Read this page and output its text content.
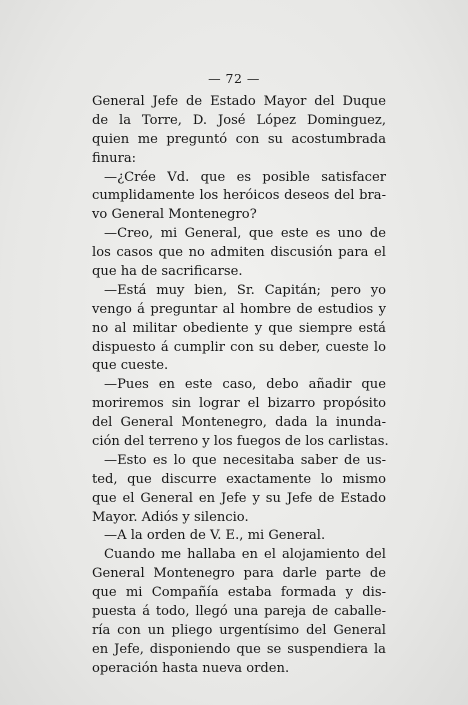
— 72 —
General Jefe de Estado Mayor del Duque
de la Torre, D. José López Dominguez,
quien me preguntó con su acostumbrada
finura:
—¿Crée Vd. que es posible satisfacer
cumplidamente los heróicos deseos del bra-
vo General Montenegro?
—Creo, mi General, que este es uno de
los casos que no admiten discusión para el
que ha de sacrificarse.
—Está muy bien, Sr. Capitán; pero yo
vengo á preguntar al hombre de estudios y
no al militar obediente y que siempre está
dispuesto á cumplir con su deber, cueste lo
que cueste.
—Pues en este caso, debo añadir que
moriremos sin lograr el bizarro propósito
del General Montenegro, dada la inunda-
ción del terreno y los fuegos de los carlistas.
—Esto es lo que necesitaba saber de us-
ted, que discurre exactamente lo mismo
que el General en Jefe y su Jefe de Estado
Mayor. Adiós y silencio.
—A la orden de V. E., mi General.
Cuando me hallaba en el alojamiento del
General Montenegro para darle parte de
que mi Compañía estaba formada y dis-
puesta á todo, llegó una pareja de caballe-
ría con un pliego urgentísimo del General
en Jefe, disponiendo que se suspendiera la
operación hasta nueva orden.
